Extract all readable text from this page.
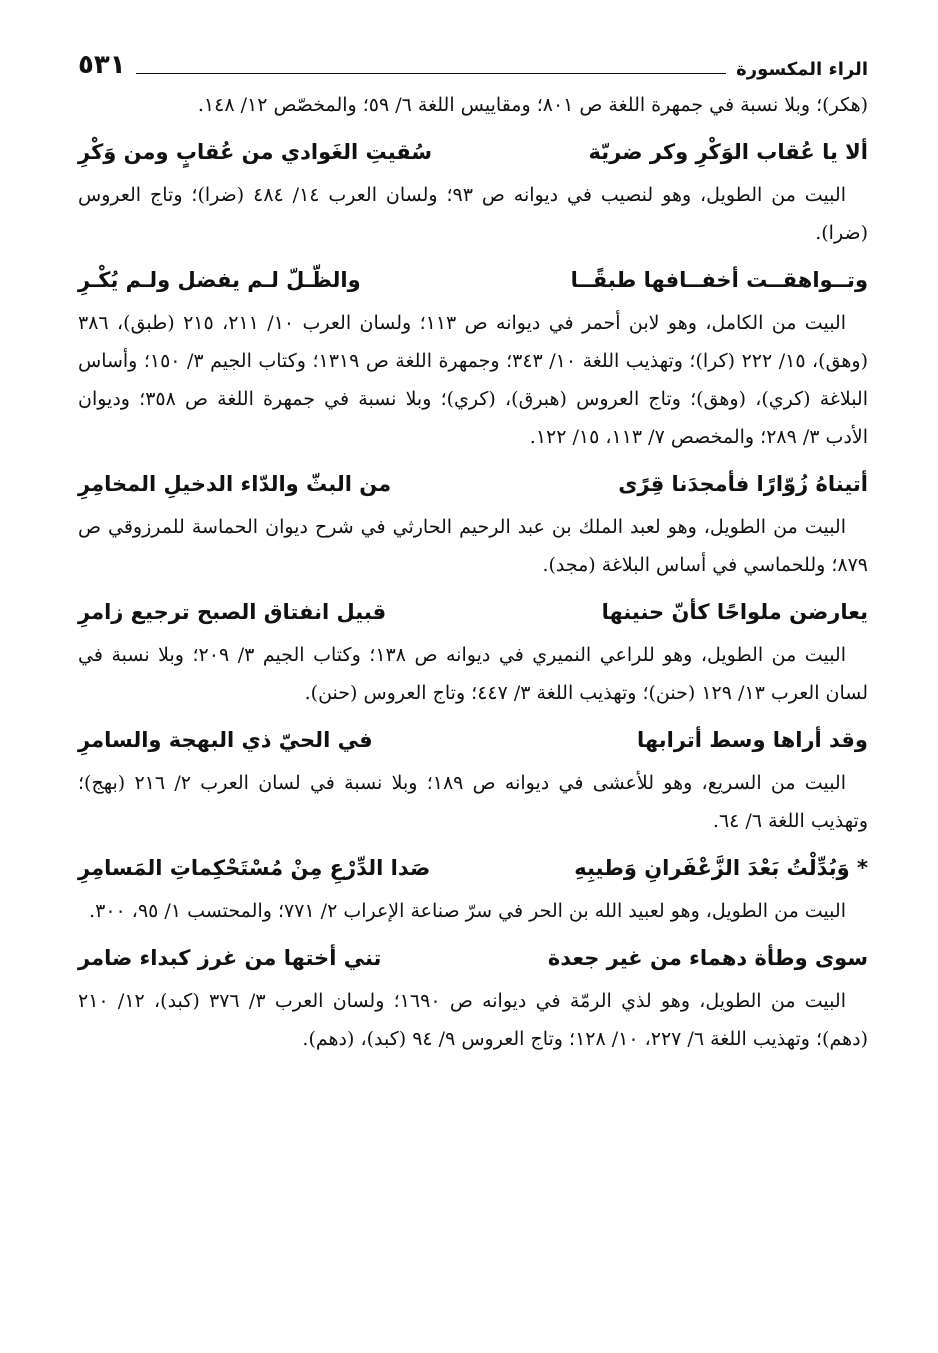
الراء المكسورة
٥٣١

(هكر)؛ وبلا نسبة في جمهرة اللغة ص ٨٠١؛ ومقاييس اللغة ٦/ ٥٩؛ والمخصّص ١٢/ ١٤٨.

ألا يا عُقاب الوَكْرِ وكر ضريّة
سُقيتِ الغَوادي من عُقابٍ ومن وَكْرِ

البيت من الطويل، وهو لنصيب في ديوانه ص ٩٣؛ ولسان العرب ١٤/ ٤٨٤ (ضرا)؛ وتاج العروس (ضرا).

وتــواهقــت أخفــافها طبقًــا
والظّـلّ لـم يفضل ولـم يُكْـرِ

البيت من الكامل، وهو لابن أحمر في ديوانه ص ١١٣؛ ولسان العرب ١٠/ ٢١١، ٢١٥ (طبق)، ٣٨٦ (وهق)، ١٥/ ٢٢٢ (كرا)؛ وتهذيب اللغة ١٠/ ٣٤٣؛ وجمهرة اللغة ص ١٣١٩؛ وكتاب الجيم ٣/ ١٥٠؛ وأساس البلاغة (كري)، (وهق)؛ وتاج العروس (هبرق)، (كري)؛ وبلا نسبة في جمهرة اللغة ص ٣٥٨؛ وديوان الأدب ٣/ ٢٨٩؛ والمخصص ٧/ ١١٣، ١٥/ ١٢٢.

أتيناهُ زُوّارًا فأمجدَنا قِرًى
من البثّ والدّاء الدخيلِ المخامِرِ

البيت من الطويل، وهو لعبد الملك بن عبد الرحيم الحارثي في شرح ديوان الحماسة للمرزوقي ص ٨٧٩؛ وللحماسي في أساس البلاغة (مجد).

يعارضن ملواحًا كأنّ حنينها
قبيل انفتاق الصبح ترجيع زامرِ

البيت من الطويل، وهو للراعي النميري في ديوانه ص ١٣٨؛ وكتاب الجيم ٣/ ٢٠٩؛ وبلا نسبة في لسان العرب ١٣/ ١٢٩ (حنن)؛ وتهذيب اللغة ٣/ ٤٤٧؛ وتاج العروس (حنن).

وقد أراها وسط أترابها
في الحيّ ذي البهجة والسامرِ

البيت من السريع، وهو للأعشى في ديوانه ص ١٨٩؛ وبلا نسبة في لسان العرب ٢/ ٢١٦ (بهج)؛ وتهذيب اللغة ٦/ ٦٤.

* وَبُدِّلْتُ بَعْدَ الزَّعْفَرانِ وَطيبِهِ
صَدا الدِّرْعِ مِنْ مُسْتَحْكِماتِ المَسامِرِ

البيت من الطويل، وهو لعبيد الله بن الحر في سرّ صناعة الإعراب ٢/ ٧٧١؛ والمحتسب ١/ ٩٥، ٣٠٠.

سوى وطأة دهماء من غير جعدة
تني أختها من غرز كبداء ضامر

البيت من الطويل، وهو لذي الرمّة في ديوانه ص ١٦٩٠؛ ولسان العرب ٣/ ٣٧٦ (كبد)، ١٢/ ٢١٠ (دهم)؛ وتهذيب اللغة ٦/ ٢٢٧، ١٠/ ١٢٨؛ وتاج العروس ٩/ ٩٤ (كبد)، (دهم).
